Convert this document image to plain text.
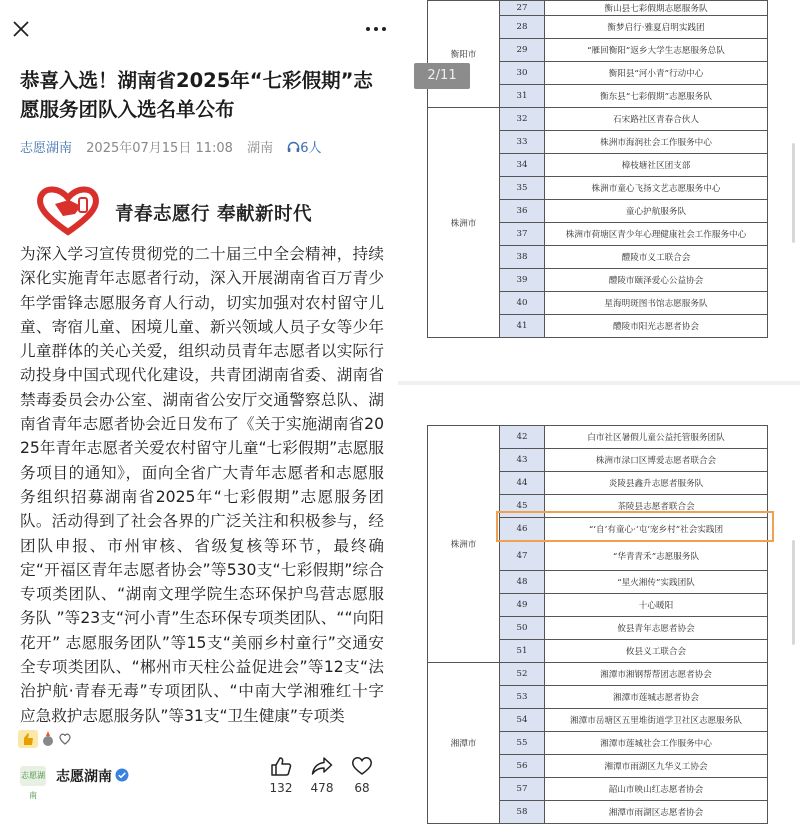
恭喜入选！湖南省2025年“七彩假期”志愿服务团队入选名单公布
志愿湖南 2025年07月15日 11:08 湖南 6人
青春志愿行 奉献新时代

为深入学习宣传贯彻党的二十届三中全会精神，持续深化实施青年志愿者行动，深入开展湖南省百万青少年学雷锋志愿服务育人行动，切实加强对农村留守儿童、寄宿儿童、困境儿童、新兴领域人员子女等少年儿童群体的关心关爱，组织动员青年志愿者以实际行动投身中国式现代化建设，共青团湖南省委、湖南省禁毒委员会办公室、湖南省公安厅交通警察总队、湖南省青年志愿者协会近日发布了《关于实施湖南省2025年青年志愿者关爱农村留守儿童“七彩假期”志愿服务项目的通知》，面向全省广大青年志愿者和志愿服务组织招募湖南省2025年“七彩假期”志愿服务团队。活动得到了社会各界的广泛关注和积极参与，经团队申报、市州审核、省级复核等环节，最终确定“开福区青年志愿者协会”等530支“七彩假期”综合专项类团队、“湖南文理学院生态环保护鸟营志愿服务队 ”等23支“河小青”生态环保专项类团队、““向阳花开” 志愿服务团队”等15支“美丽乡村童行”交通安全专项类团队、“郴州市天柱公益促进会”等12支“法治护航·青春无毒”专项团队、“中南大学湘雅红十字应急救护志愿服务队”等31支“卫生健康”专项类

志愿湖南
志愿湖南
132	478	68
衡阳市	27	衡山县七彩假期志愿服务队
	28	衡梦启行·雅夏启明实践团
	29	“雁回衡阳”返乡大学生志愿服务总队
	30	衡阳县“河小青”行动中心
	31	衡东县“七彩假期”志愿服务队
株洲市	32	石宋路社区青春合伙人
	33	株洲市海润社会工作服务中心
	34	樟枝塘社区团支部
	35	株洲市童心飞扬文艺志愿服务中心
	36	童心护航服务队
	37	株洲市荷塘区青少年心理健康社会工作服务中心
	38	醴陵市义工联合会
	39	醴陵市颐泽爱心公益协会
	40	星海明斑图书馆志愿服务队
	41	醴陵市阳光志愿者协会
株洲市	42	白市社区暑假儿童公益托管服务团队
	43	株洲市渌口区博爱志愿者联合会
	44	炎陵县鑫升志愿者服务队
	45	茶陵县志愿者联合会
	46	“‘自’有童心·‘屯’宠乡村”社会实践团
	47	“华青青禾”志愿服务队
	48	“星火湘传”实践团队
	49	十心暖阳
	50	攸县青年志愿者协会
	51	攸县义工联合会
湘潭市	52	湘潭市湘钢帮帮团志愿者协会
	53	湘潭市莲城志愿者协会
	54	湘潭市岳塘区五里堆街道学卫社区志愿服务队
	55	湘潭市莲城社会工作服务中心
	56	湘潭市雨湖区九华义工协会
	57	韶山市映山红志愿者协会
	58	湘潭市雨湖区志愿者协会
2/11
